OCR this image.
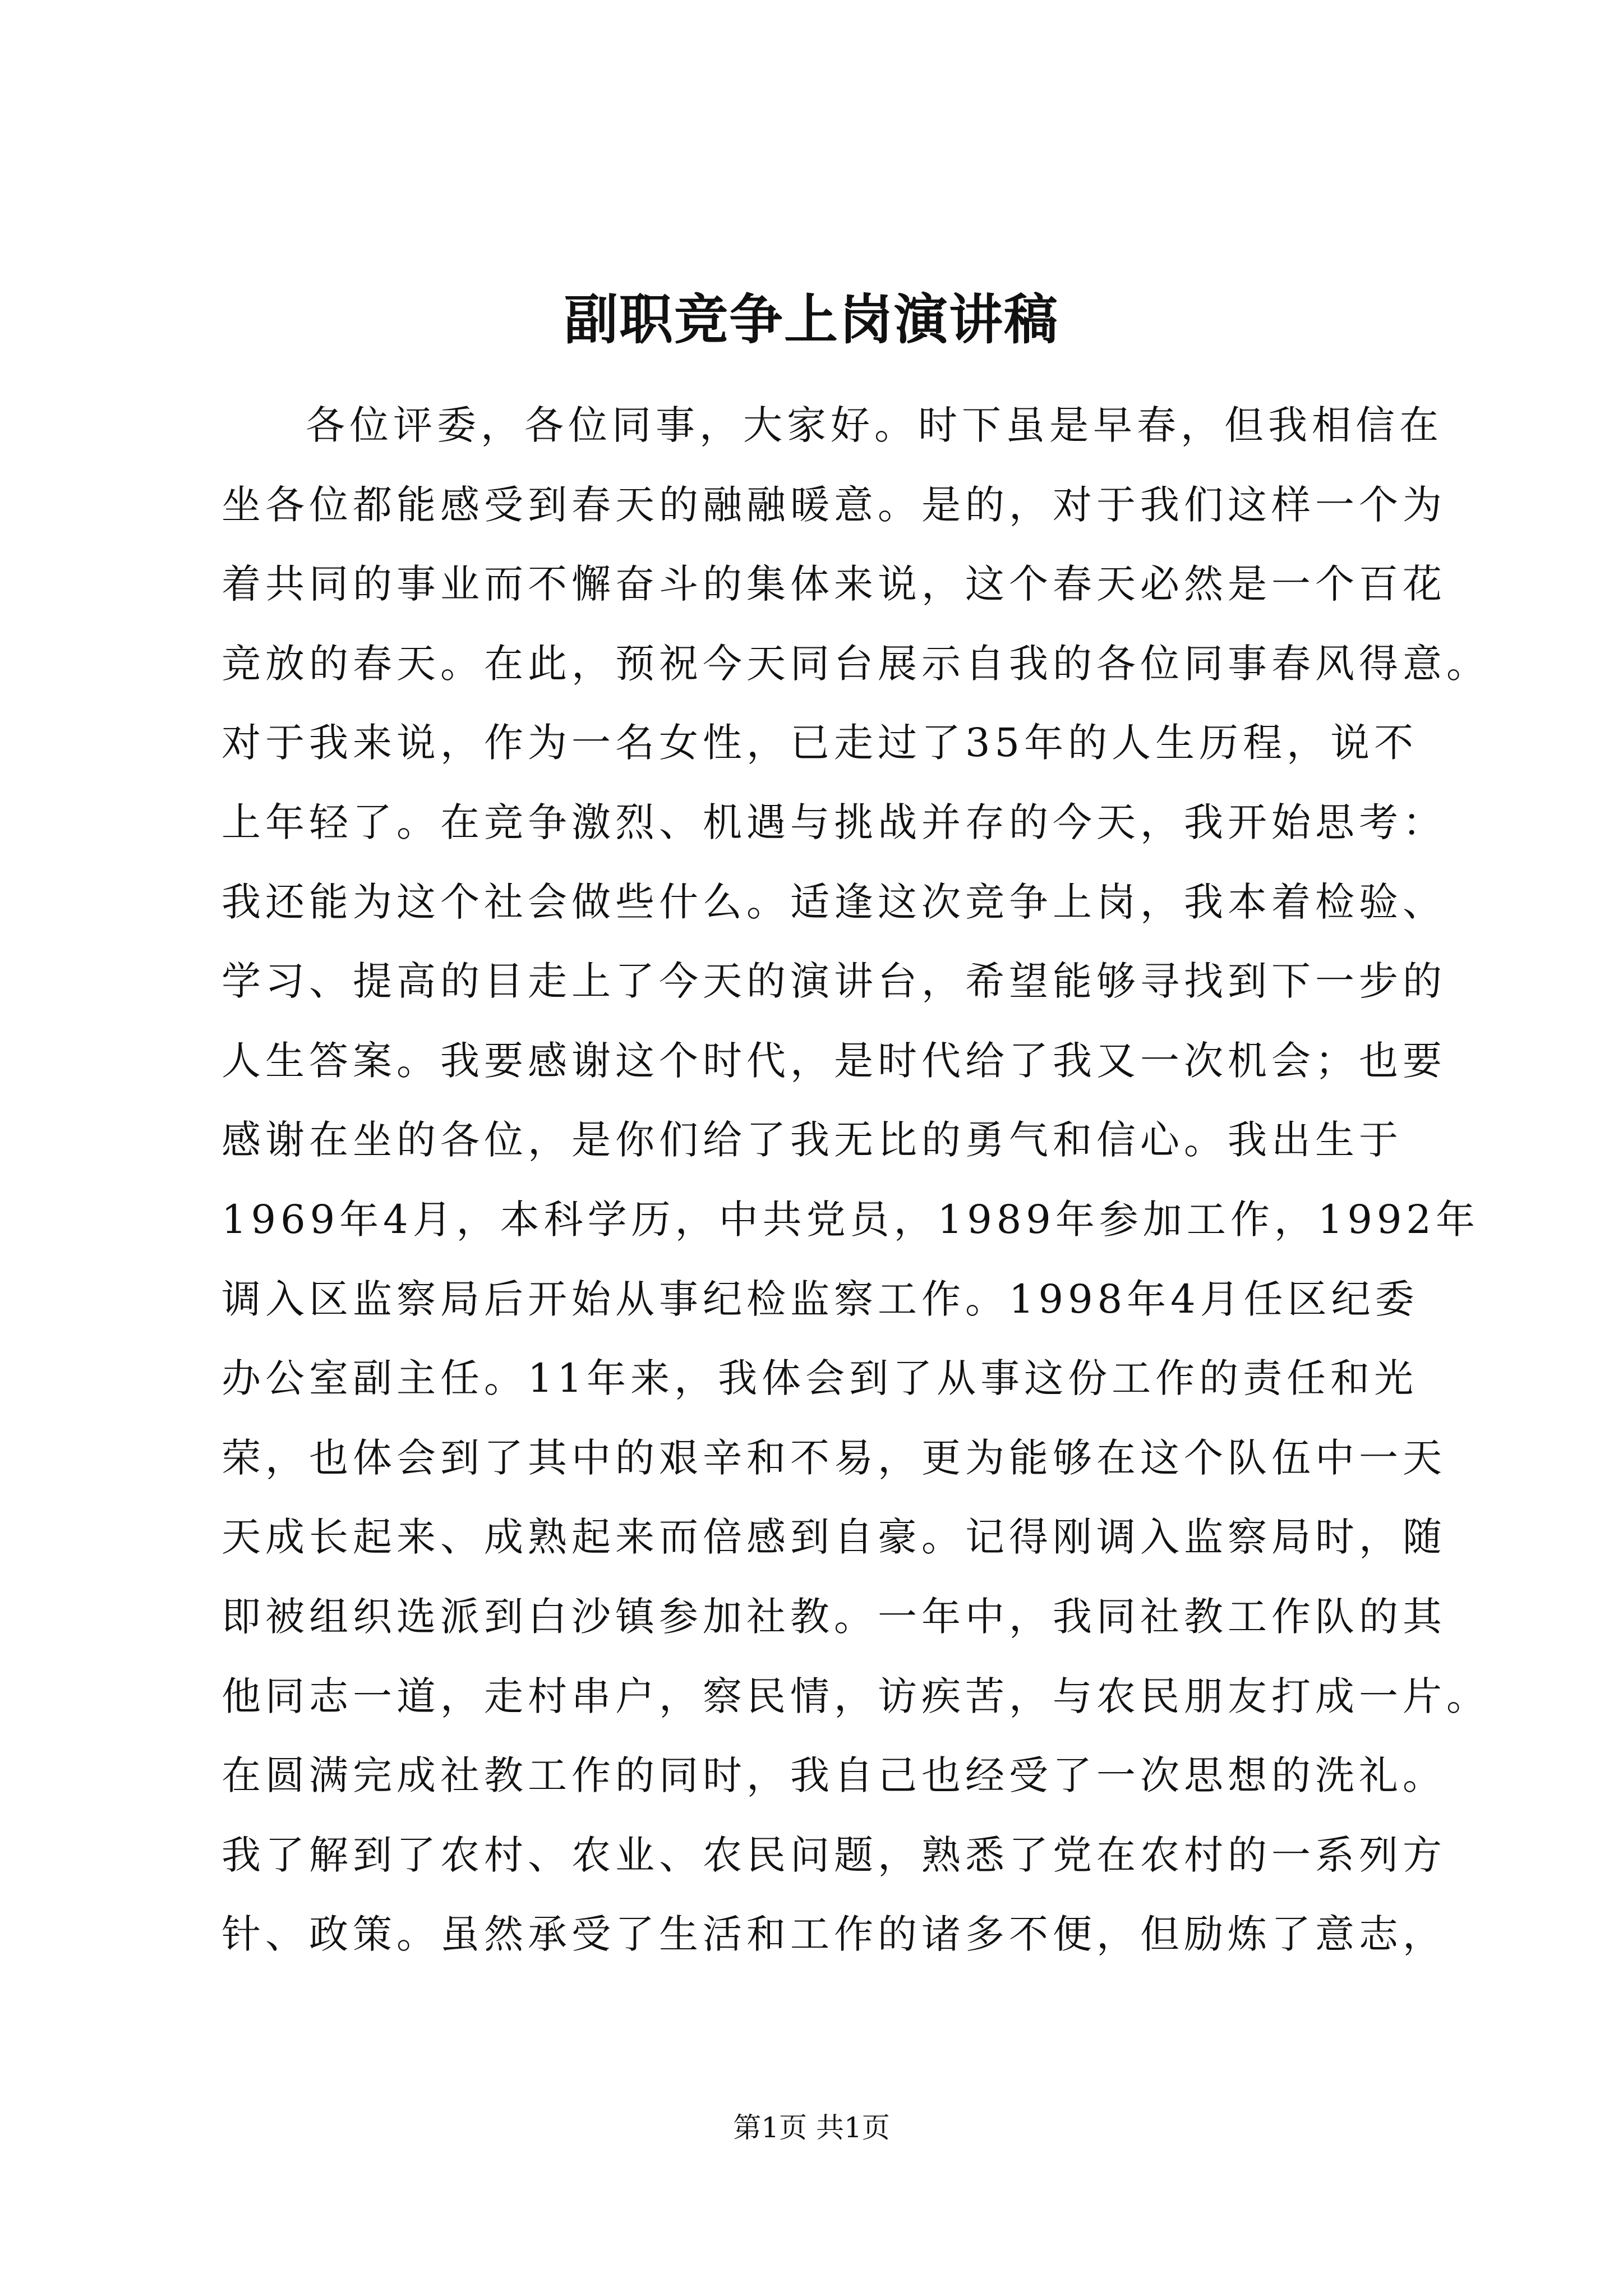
副职竞争上岗演讲稿
各位评委，各位同事，大家好。时下虽是早春，但我相信在
坐各位都能感受到春天的融融暖意。是的，对于我们这样一个为
着共同的事业而不懈奋斗的集体来说，这个春天必然是一个百花
竞放的春天。在此，预祝今天同台展示自我的各位同事春风得意。
对于我来说，作为一名女性，已走过了35年的人生历程，说不
上年轻了。在竞争激烈、机遇与挑战并存的今天，我开始思考：
我还能为这个社会做些什么。适逢这次竞争上岗，我本着检验、
学习、提高的目走上了今天的演讲台，希望能够寻找到下一步的
人生答案。我要感谢这个时代，是时代给了我又一次机会；也要
感谢在坐的各位，是你们给了我无比的勇气和信心。我出生于
1969年4月，本科学历，中共党员，1989年参加工作，1992年
调入区监察局后开始从事纪检监察工作。1998年4月任区纪委
办公室副主任。11年来，我体会到了从事这份工作的责任和光
荣，也体会到了其中的艰辛和不易，更为能够在这个队伍中一天
天成长起来、成熟起来而倍感到自豪。记得刚调入监察局时，随
即被组织选派到白沙镇参加社教。一年中，我同社教工作队的其
他同志一道，走村串户，察民情，访疾苦，与农民朋友打成一片。
在圆满完成社教工作的同时，我自己也经受了一次思想的洗礼。
我了解到了农村、农业、农民问题，熟悉了党在农村的一系列方
针、政策。虽然承受了生活和工作的诸多不便，但励炼了意志，
第1页 共1页
